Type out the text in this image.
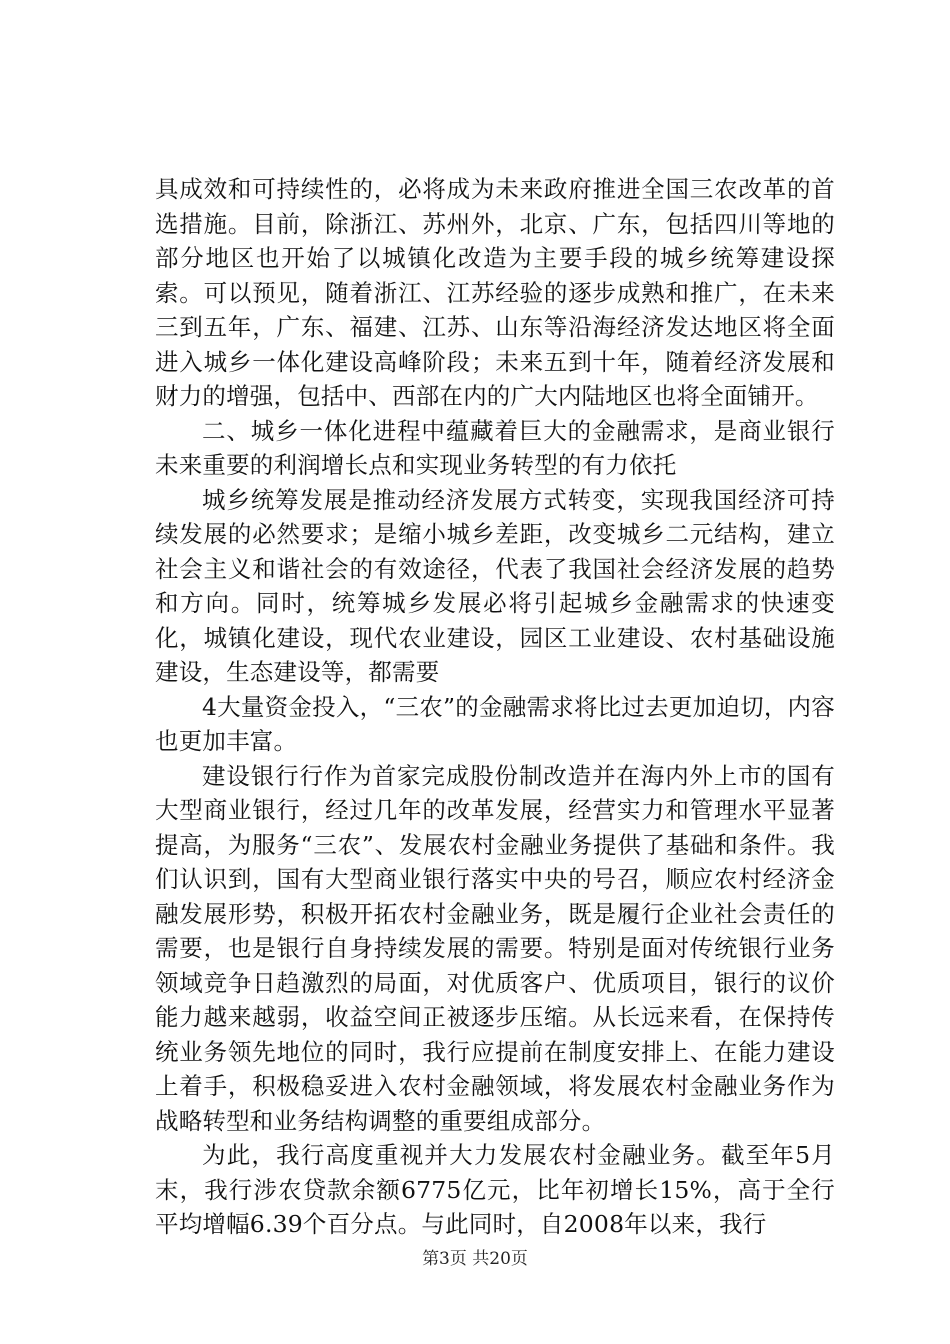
具成效和可持续性的，必将成为未来政府推进全国三农改革的首选措施。目前，除浙江、苏州外，北京、广东，包括四川等地的部分地区也开始了以城镇化改造为主要手段的城乡统筹建设探索。可以预见，随着浙江、江苏经验的逐步成熟和推广，在未来三到五年，广东、福建、江苏、山东等沿海经济发达地区将全面进入城乡一体化建设高峰阶段；未来五到十年，随着经济发展和财力的增强，包括中、西部在内的广大内陆地区也将全面铺开。

二、城乡一体化进程中蕴藏着巨大的金融需求，是商业银行未来重要的利润增长点和实现业务转型的有力依托

城乡统筹发展是推动经济发展方式转变，实现我国经济可持续发展的必然要求；是缩小城乡差距，改变城乡二元结构，建立社会主义和谐社会的有效途径，代表了我国社会经济发展的趋势和方向。同时，统筹城乡发展必将引起城乡金融需求的快速变化，城镇化建设，现代农业建设，园区工业建设、农村基础设施建设，生态建设等，都需要

4大量资金投入，“三农”的金融需求将比过去更加迫切，内容也更加丰富。

建设银行行作为首家完成股份制改造并在海内外上市的国有大型商业银行，经过几年的改革发展，经营实力和管理水平显著提高，为服务“三农”、发展农村金融业务提供了基础和条件。我们认识到，国有大型商业银行落实中央的号召，顺应农村经济金融发展形势，积极开拓农村金融业务，既是履行企业社会责任的需要，也是银行自身持续发展的需要。特别是面对传统银行业务领域竞争日趋激烈的局面，对优质客户、优质项目，银行的议价能力越来越弱，收益空间正被逐步压缩。从长远来看，在保持传统业务领先地位的同时，我行应提前在制度安排上、在能力建设上着手，积极稳妥进入农村金融领域，将发展农村金融业务作为战略转型和业务结构调整的重要组成部分。

为此，我行高度重视并大力发展农村金融业务。截至年5月末，我行涉农贷款余额6775亿元，比年初增长15%，高于全行平均增幅6.39个百分点。与此同时，自2008年以来，我行

第3页 共20页
